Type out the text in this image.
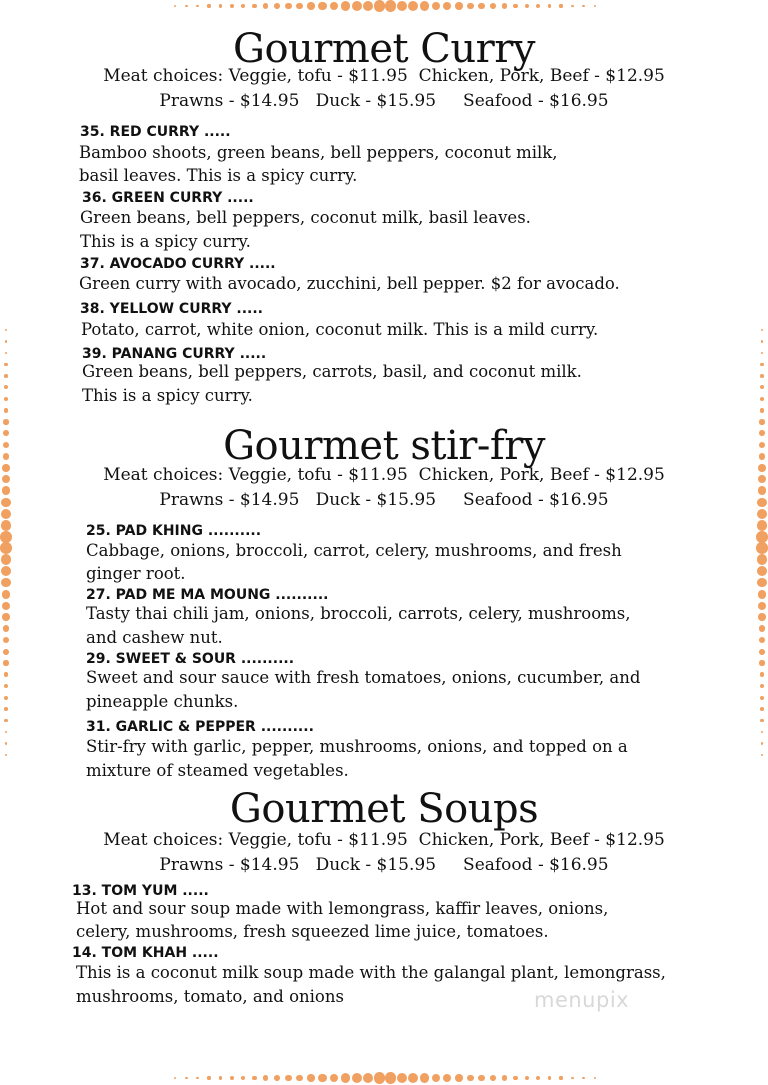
Gourmet Curry
Meat choices: Veggie, tofu - $11.95  Chicken, Pork, Beef - $12.95
Prawns - $14.95   Duck - $15.95     Seafood - $16.95
35. RED CURRY .....
Bamboo shoots, green beans, bell peppers, coconut milk,
basil leaves. This is a spicy curry.
36. GREEN CURRY .....
Green beans, bell peppers, coconut milk, basil leaves.
This is a spicy curry.
37. AVOCADO CURRY .....
Green curry with avocado, zucchini, bell pepper. $2 for avocado.
38. YELLOW CURRY .....
Potato, carrot, white onion, coconut milk. This is a mild curry.
39. PANANG CURRY .....
Green beans, bell peppers, carrots, basil, and coconut milk.
This is a spicy curry.
Gourmet stir-fry
Meat choices: Veggie, tofu - $11.95  Chicken, Pork, Beef - $12.95
Prawns - $14.95   Duck - $15.95     Seafood - $16.95
25. PAD KHING ..........
Cabbage, onions, broccoli, carrot, celery, mushrooms, and fresh
ginger root.
27. PAD ME MA MOUNG ..........
Tasty thai chili jam, onions, broccoli, carrots, celery, mushrooms,
and cashew nut.
29. SWEET & SOUR ..........
Sweet and sour sauce with fresh tomatoes, onions, cucumber, and
pineapple chunks.
31. GARLIC & PEPPER ..........
Stir-fry with garlic, pepper, mushrooms, onions, and topped on a
mixture of steamed vegetables.
Gourmet Soups
Meat choices: Veggie, tofu - $11.95  Chicken, Pork, Beef - $12.95
Prawns - $14.95   Duck - $15.95     Seafood - $16.95
13. TOM YUM .....
Hot and sour soup made with lemongrass, kaffir leaves, onions,
celery, mushrooms, fresh squeezed lime juice, tomatoes.
14. TOM KHAH .....
This is a coconut milk soup made with the galangal plant, lemongrass,
mushrooms, tomato, and onions	menupix
